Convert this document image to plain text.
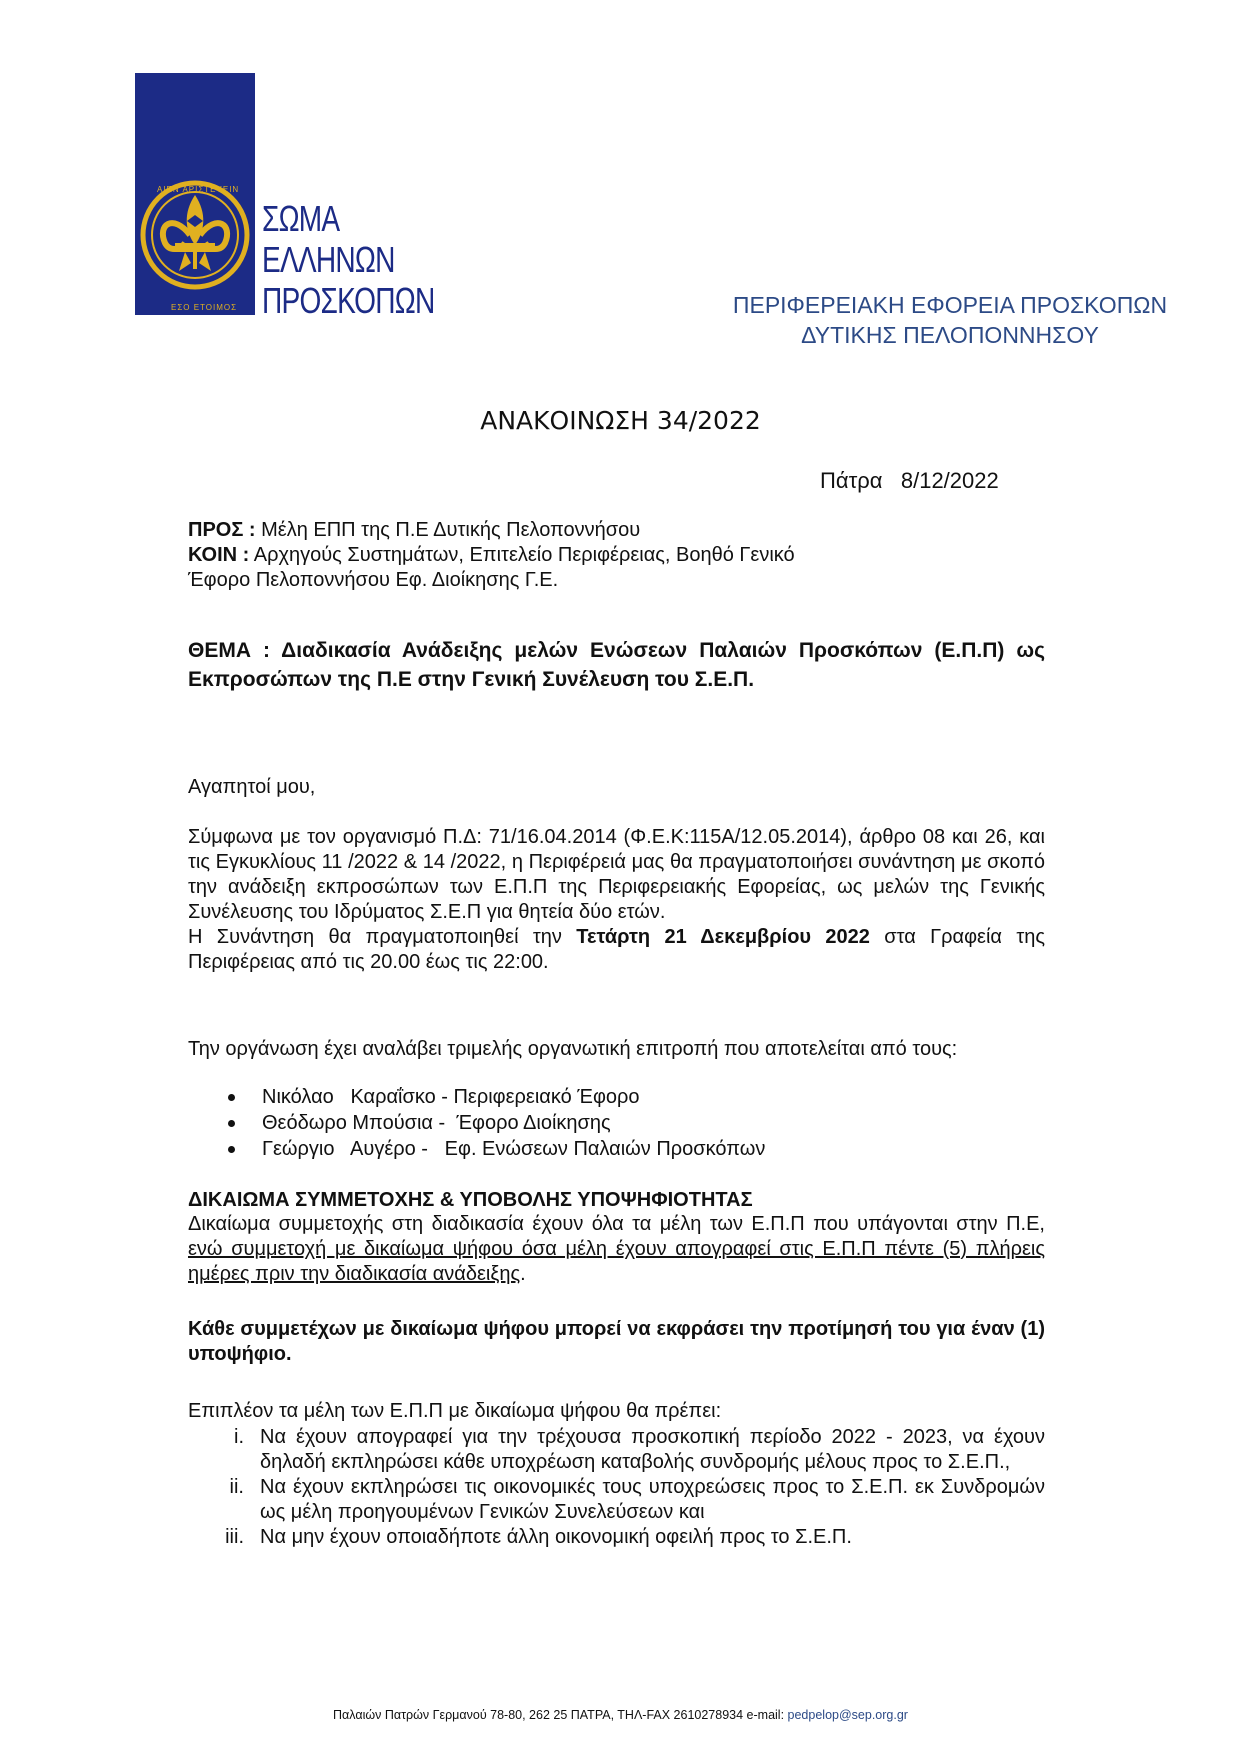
ΑΙΕΝ ΑΡΙΣΤΕΥΕΙΝ
ΕΣΟ ΕΤΟΙΜΟΣ
ΣΩΜΑ
ΕΛΛΗΝΩΝ
ΠΡΟΣΚΟΠΩΝ	ΠΕΡΙΦΕΡΕΙΑΚΗ ΕΦΟΡΕΙΑ ΠΡΟΣΚΟΠΩΝ
ΔΥΤΙΚΗΣ ΠΕΛΟΠΟΝΝΗΣΟΥ
ΑΝΑΚΟΙΝΩΣΗ 34/2022
Πάτρα   8/12/2022
ΠΡΟΣ : Μέλη ΕΠΠ της Π.Ε Δυτικής Πελοποννήσου
ΚΟΙΝ : Αρχηγούς Συστημάτων, Επιτελείο Περιφέρειας, Βοηθό Γενικό
Έφορο Πελοποννήσου Εφ. Διοίκησης Γ.Ε.
ΘΕΜΑ : Διαδικασία Ανάδειξης μελών Ενώσεων Παλαιών Προσκόπων (Ε.Π.Π) ως Εκπροσώπων της Π.Ε στην Γενική Συνέλευση του Σ.Ε.Π.
Αγαπητοί μου,
Σύμφωνα με τον οργανισμό Π.Δ: 71/16.04.2014 (Φ.Ε.Κ:115Α/12.05.2014), άρθρο 08 και 26, και τις Εγκυκλίους 11 /2022 & 14 /2022, η Περιφέρειά μας θα πραγματοποιήσει συνάντηση με σκοπό την ανάδειξη εκπροσώπων των Ε.Π.Π της Περιφερειακής Εφορείας, ως μελών της Γενικής Συνέλευσης του Ιδρύματος Σ.Ε.Π για θητεία δύο ετών.
Η Συνάντηση θα πραγματοποιηθεί την Τετάρτη 21 Δεκεμβρίου 2022 στα Γραφεία της Περιφέρειας από τις 20.00 έως τις 22:00.
Την οργάνωση έχει αναλάβει τριμελής οργανωτική επιτροπή που αποτελείται από τους:
Νικόλαο   Καραΐσκο - Περιφερειακό Έφορο
Θεόδωρο Μπούσια -  Έφορο Διοίκησης
Γεώργιο   Αυγέρο -   Εφ. Ενώσεων Παλαιών Προσκόπων
ΔΙΚΑΙΩΜΑ ΣΥΜΜΕΤΟΧΗΣ & ΥΠΟΒΟΛΗΣ ΥΠΟΨΗΦΙΟΤΗΤΑΣ
Δικαίωμα συμμετοχής στη διαδικασία έχουν όλα τα μέλη των Ε.Π.Π που υπάγονται στην Π.Ε, ενώ συμμετοχή με δικαίωμα ψήφου όσα μέλη έχουν απογραφεί στις Ε.Π.Π πέντε (5) πλήρεις ημέρες πριν την διαδικασία ανάδειξης.
Κάθε συμμετέχων με δικαίωμα ψήφου μπορεί να εκφράσει την προτίμησή του για έναν (1) υποψήφιο.
Επιπλέον τα μέλη των Ε.Π.Π με δικαίωμα ψήφου θα πρέπει:
i. Να έχουν απογραφεί για την τρέχουσα προσκοπική περίοδο 2022 - 2023, να έχουν δηλαδή εκπληρώσει κάθε υποχρέωση καταβολής συνδρομής μέλους προς το Σ.Ε.Π.,
ii. Να έχουν εκπληρώσει τις οικονομικές τους υποχρεώσεις προς το Σ.Ε.Π. εκ Συνδρομών ως μέλη προηγουμένων Γενικών Συνελεύσεων και
iii. Να μην έχουν οποιαδήποτε άλλη οικονομική οφειλή προς το Σ.Ε.Π.
Παλαιών Πατρών Γερμανού 78-80, 262 25 ΠΑΤΡΑ, ΤΗΛ-FAX 2610278934 e-mail: pedpelop@sep.org.gr
